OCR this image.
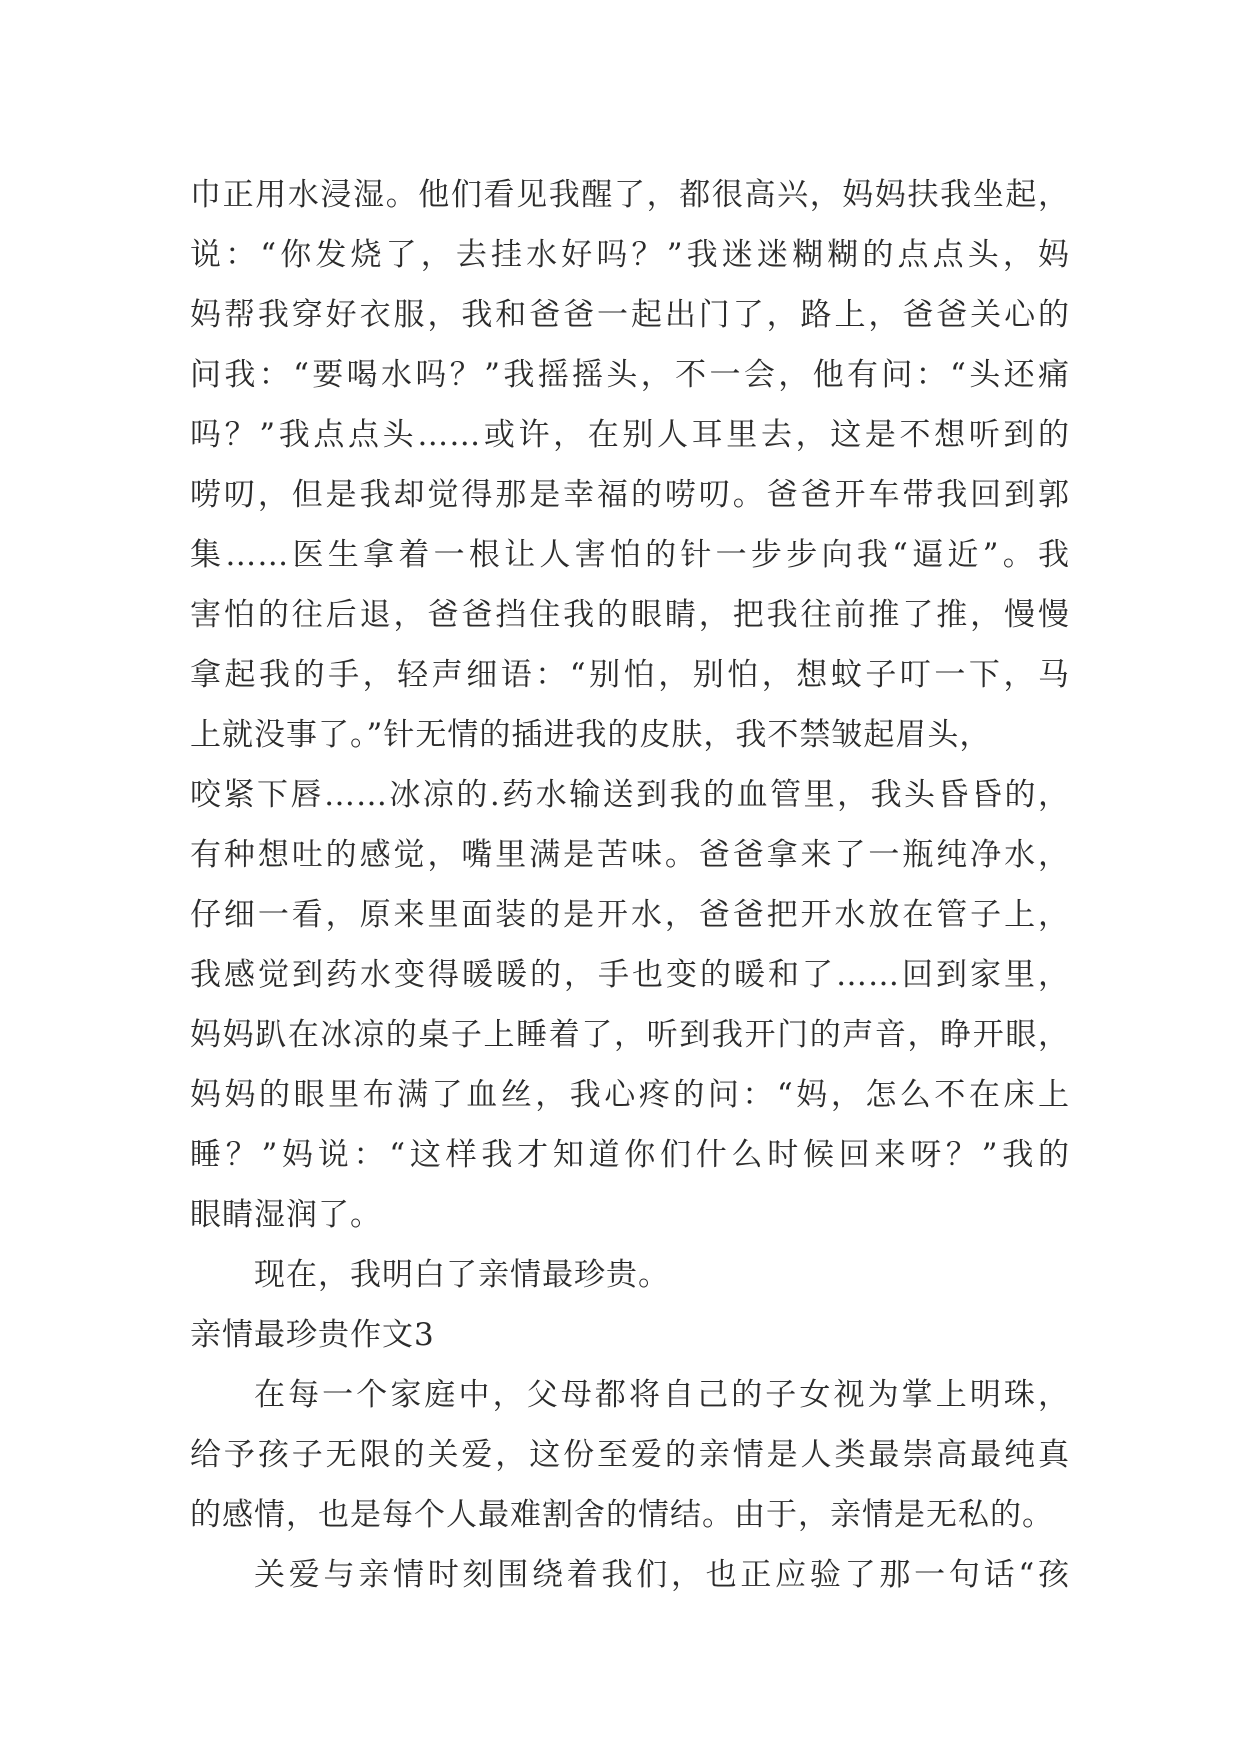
巾正用水浸湿。他们看见我醒了，都很高兴，妈妈扶我坐起，
说：“你发烧了，去挂水好吗？”我迷迷糊糊的点点头，妈
妈帮我穿好衣服，我和爸爸一起出门了，路上，爸爸关心的
问我：“要喝水吗？”我摇摇头，不一会，他有问：“头还痛
吗？”我点点头……或许，在别人耳里去，这是不想听到的
唠叨，但是我却觉得那是幸福的唠叨。爸爸开车带我回到郭
集……医生拿着一根让人害怕的针一步步向我“逼近”。我
害怕的往后退，爸爸挡住我的眼睛，把我往前推了推，慢慢
拿起我的手，轻声细语：“别怕，别怕，想蚊子叮一下，马
上就没事了。”针无情的插进我的皮肤，我不禁皱起眉头，
咬紧下唇……冰凉的.药水输送到我的血管里，我头昏昏的，
有种想吐的感觉，嘴里满是苦味。爸爸拿来了一瓶纯净水，
仔细一看，原来里面装的是开水，爸爸把开水放在管子上，
我感觉到药水变得暖暖的，手也变的暖和了……回到家里，
妈妈趴在冰凉的桌子上睡着了，听到我开门的声音，睁开眼，
妈妈的眼里布满了血丝，我心疼的问：“妈，怎么不在床上
睡？”妈说：“这样我才知道你们什么时候回来呀？”我的
眼睛湿润了。
现在，我明白了亲情最珍贵。
亲情最珍贵作文3
在每一个家庭中，父母都将自己的子女视为掌上明珠，
给予孩子无限的关爱，这份至爱的亲情是人类最崇高最纯真
的感情，也是每个人最难割舍的情结。由于，亲情是无私的。
关爱与亲情时刻围绕着我们，也正应验了那一句话“孩
